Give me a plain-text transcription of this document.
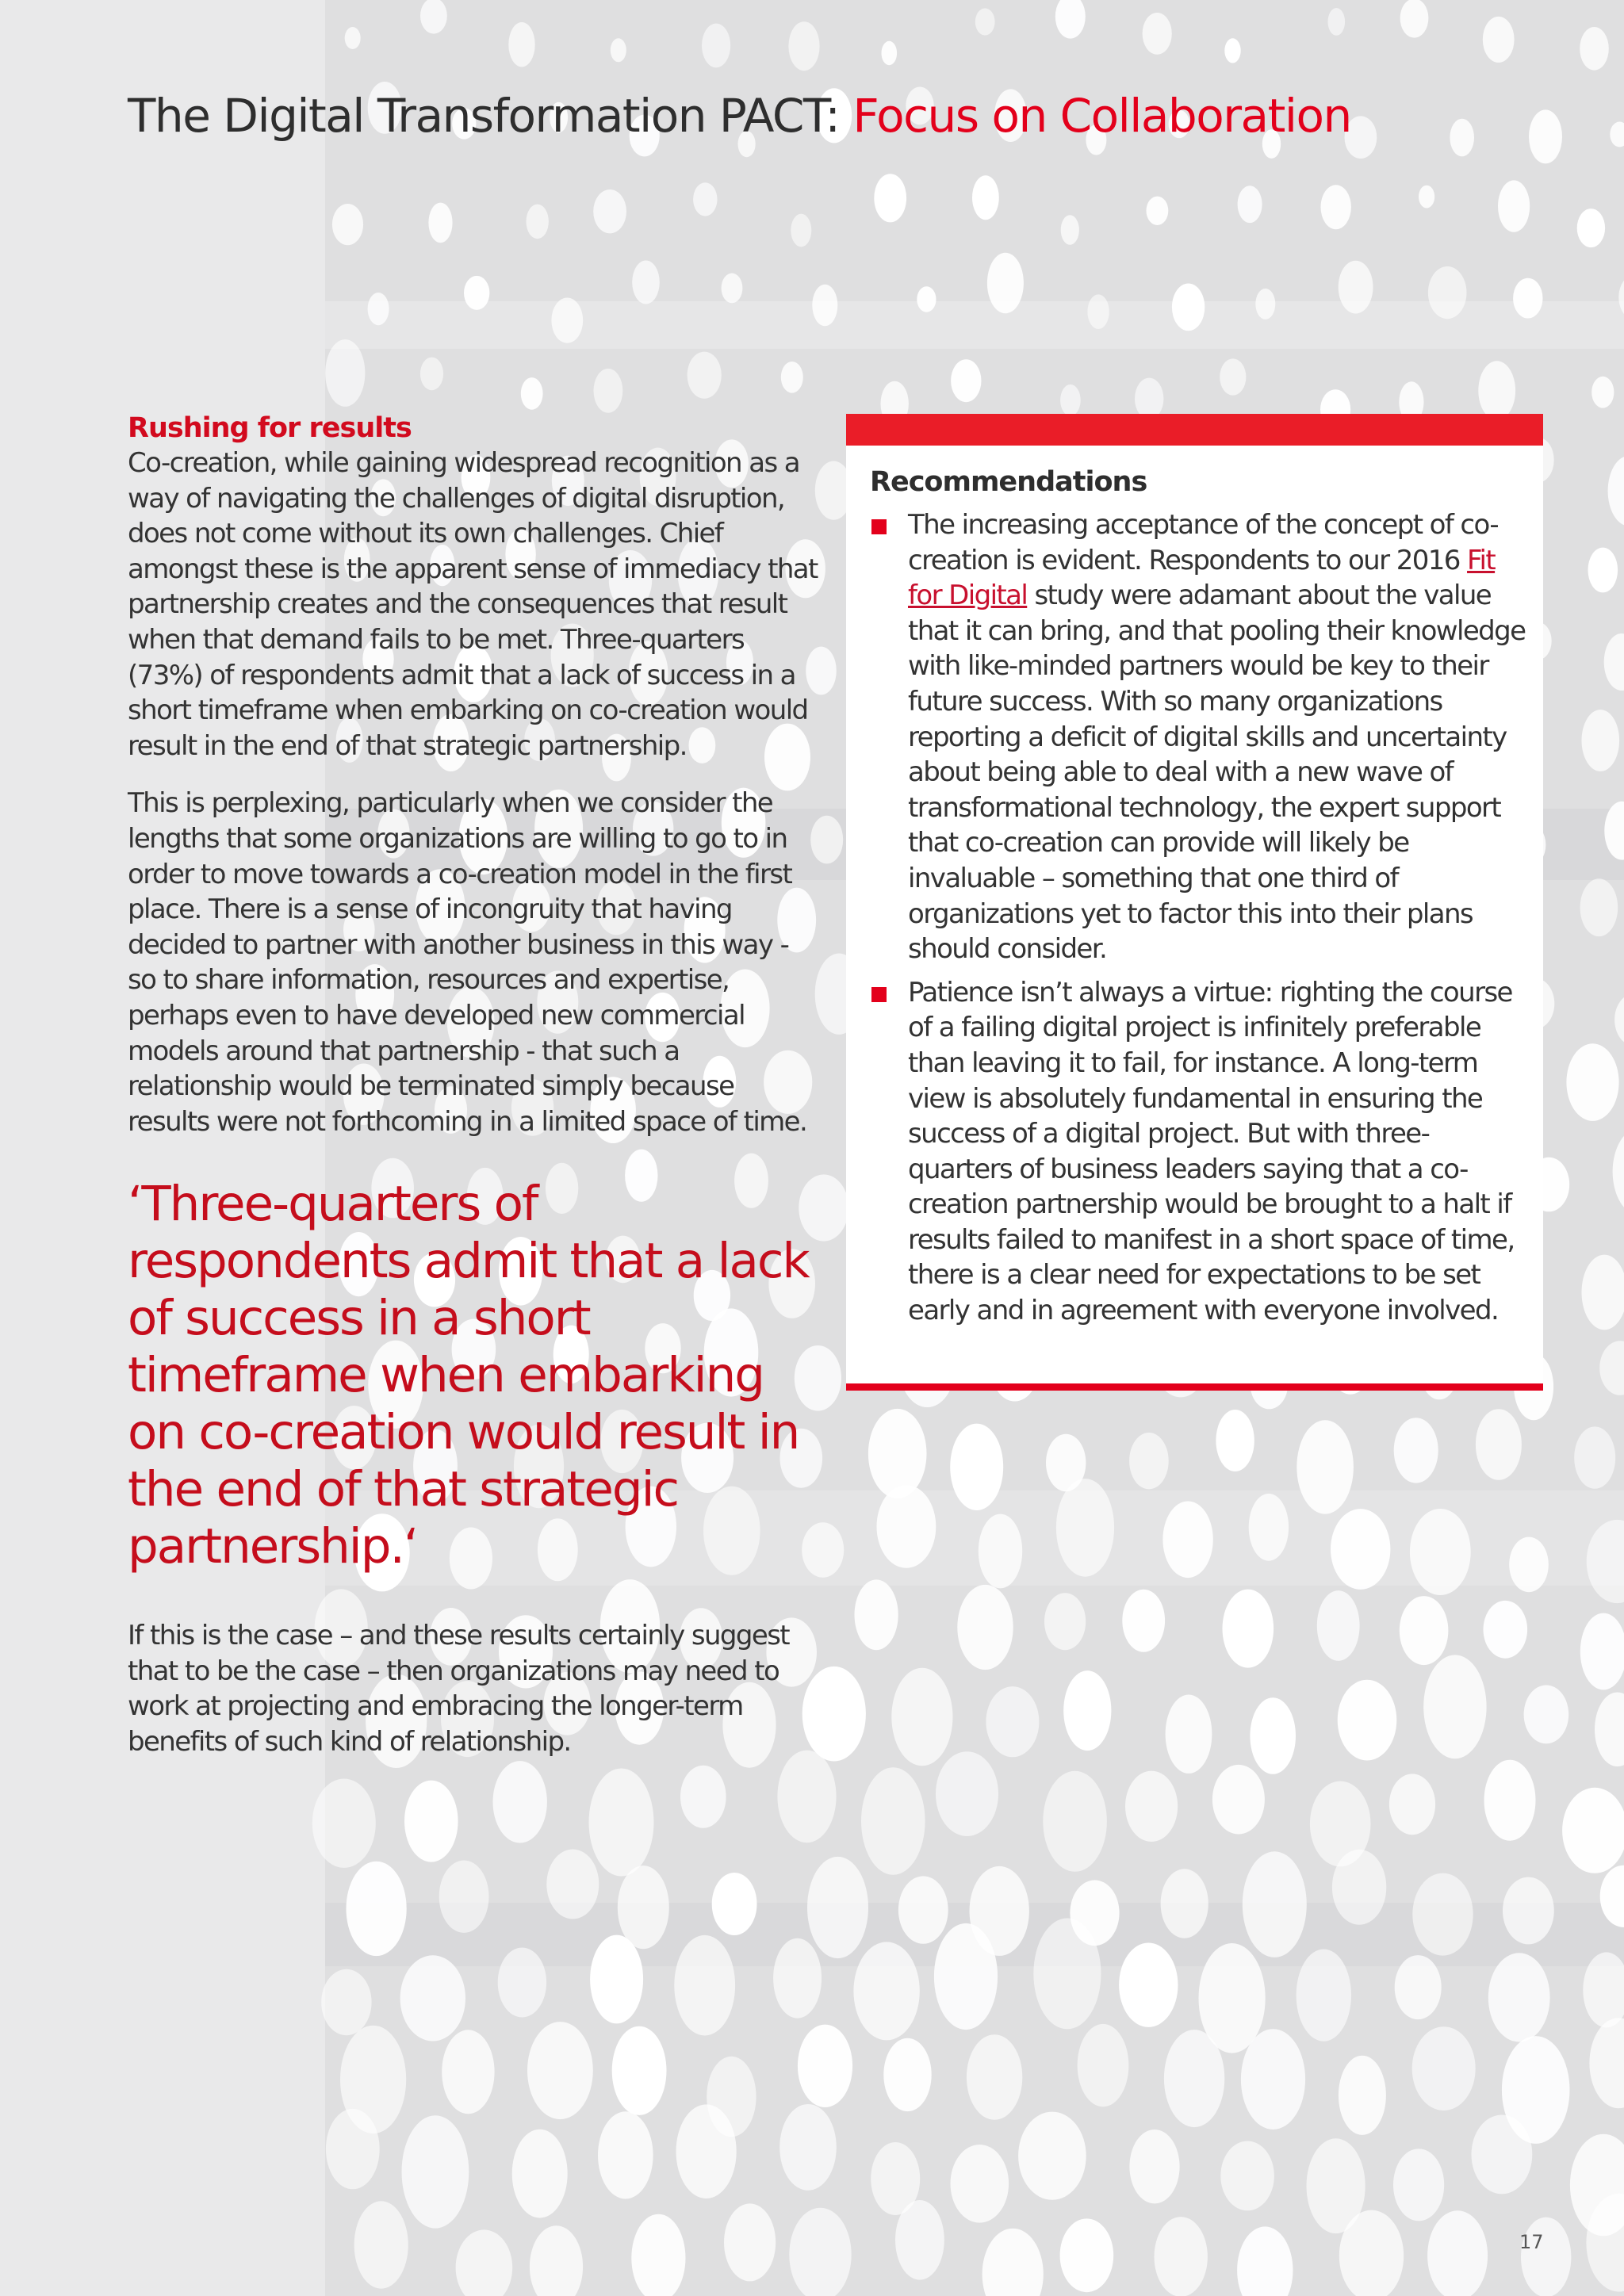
The Digital Transformation PACT: Focus on Collaboration
Rushing for results

Co-creation, while gaining widespread recognition as a way of navigating the challenges of digital disruption, does not come without its own challenges. Chief amongst these is the apparent sense of immediacy that partnership creates and the consequences that result when that demand fails to be met. Three-quarters (73%) of respondents admit that a lack of success in a short timeframe when embarking on co-creation would result in the end of that strategic partnership.

This is perplexing, particularly when we consider the lengths that some organizations are willing to go to in order to move towards a co-creation model in the first place. There is a sense of incongruity that having decided to partner with another business in this way - so to share information, resources and expertise, perhaps even to have developed new commercial models around that partnership - that such a relationship would be terminated simply because results were not forthcoming in a limited space of time.

‘Three-quarters of respondents admit that a lack of success in a short timeframe when embarking on co-creation would result in the end of that strategic partnership.‘

If this is the case – and these results certainly suggest that to be the case – then organizations may need to work at projecting and embracing the longer-term benefits of such kind of relationship.

Recommendations
The increasing acceptance of the concept of co-creation is evident. Respondents to our 2016 Fit for Digital study were adamant about the value that it can bring, and that pooling their knowledge with like-minded partners would be key to their future success. With so many organizations reporting a deficit of digital skills and uncertainty about being able to deal with a new wave of transformational technology, the expert support that co-creation can provide will likely be invaluable – something that one third of organizations yet to factor this into their plans should consider.
Patience isn’t always a virtue: righting the course of a failing digital project is infinitely preferable than leaving it to fail, for instance. A long-term view is absolutely fundamental in ensuring the success of a digital project. But with three-quarters of business leaders saying that a co-creation partnership would be brought to a halt if results failed to manifest in a short space of time, there is a clear need for expectations to be set early and in agreement with everyone involved.
17
